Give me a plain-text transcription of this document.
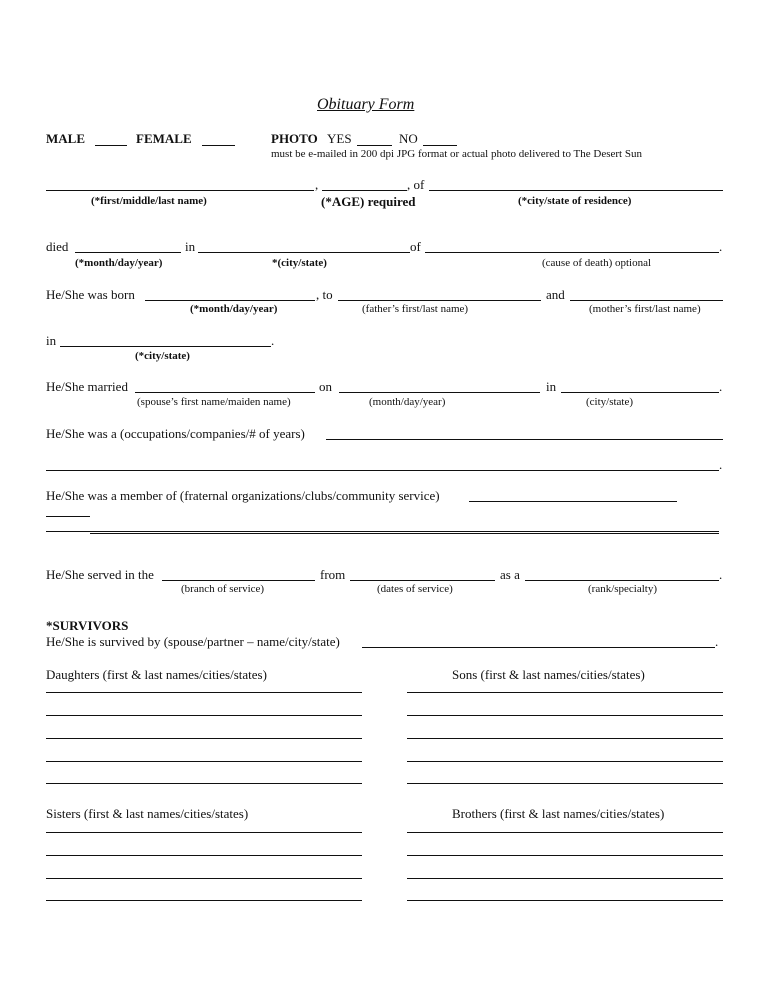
Obituary Form
MALE	FEMALE	PHOTO YES	NO
must be e-mailed in 200 dpi JPG format or actual photo delivered to The Desert Sun
,	, of
(*first/middle/last name)	(*AGE) required	(*city/state of residence)
died	in	of	.
(*month/day/year)	*(city/state)	(cause of death) optional
He/She was born	, to	and
(*month/day/year)	(father’s first/last name)	(mother’s first/last name)
in	.
(*city/state)
He/She married	on	in	.
(spouse’s first name/maiden name)	(month/day/year)	(city/state)
He/She was a (occupations/companies/# of years)
.
He/She was a member of (fraternal organizations/clubs/community service)
He/She served in the	from	as a	.
(branch of service)	(dates of service)	(rank/specialty)
*SURVIVORS
He/She is survived by (spouse/partner – name/city/state)	.
Daughters (first & last names/cities/states)	Sons (first & last names/cities/states)
Sisters (first & last names/cities/states)	Brothers (first & last names/cities/states)
